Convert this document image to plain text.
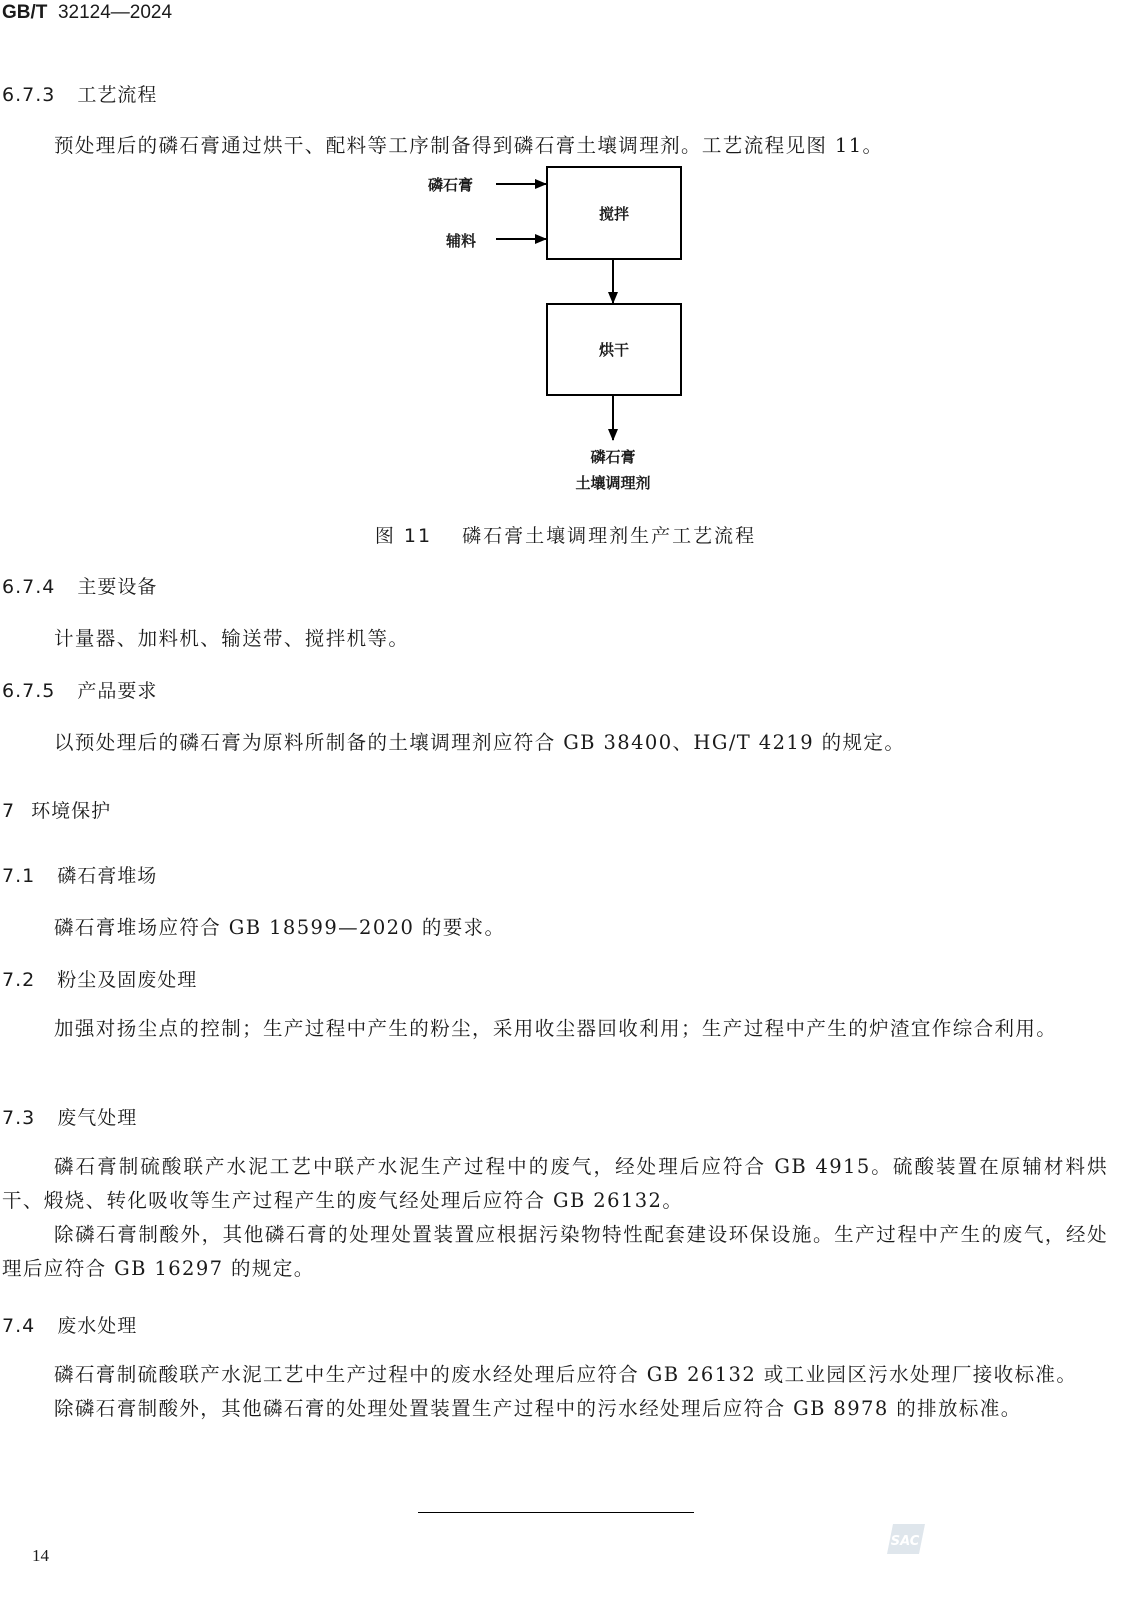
GB/T 32124—2024
6.7.3 工艺流程
预处理后的磷石膏通过烘干、配料等工序制备得到磷石膏土壤调理剂。工艺流程见图 11。
磷石膏
辅料
搅拌
烘干
磷石膏
土壤调理剂
图 11 磷石膏土壤调理剂生产工艺流程
6.7.4 主要设备
计量器、加料机、输送带、搅拌机等。
6.7.5 产品要求
以预处理后的磷石膏为原料所制备的土壤调理剂应符合 GB 38400、HG/T 4219 的规定。
7 环境保护
7.1 磷石膏堆场
磷石膏堆场应符合 GB 18599—2020 的要求。
7.2 粉尘及固废处理

加强对扬尘点的控制；生产过程中产生的粉尘，采用收尘器回收利用；生产过程中产生的炉渣宜作综合利用。

7.3 废气处理

磷石膏制硫酸联产水泥工艺中联产水泥生产过程中的废气，经处理后应符合 GB 4915。硫酸装置在原辅材料烘干、煅烧、转化吸收等生产过程产生的废气经处理后应符合 GB 26132。

除磷石膏制酸外，其他磷石膏的处理处置装置应根据污染物特性配套建设环保设施。生产过程中产生的废气，经处理后应符合 GB 16297 的规定。

7.4 废水处理

磷石膏制硫酸联产水泥工艺中生产过程中的废水经处理后应符合 GB 26132 或工业园区污水处理厂接收标准。

除磷石膏制酸外，其他磷石膏的处理处置装置生产过程中的污水经处理后应符合 GB 8978 的排放标准。

14
SAC
